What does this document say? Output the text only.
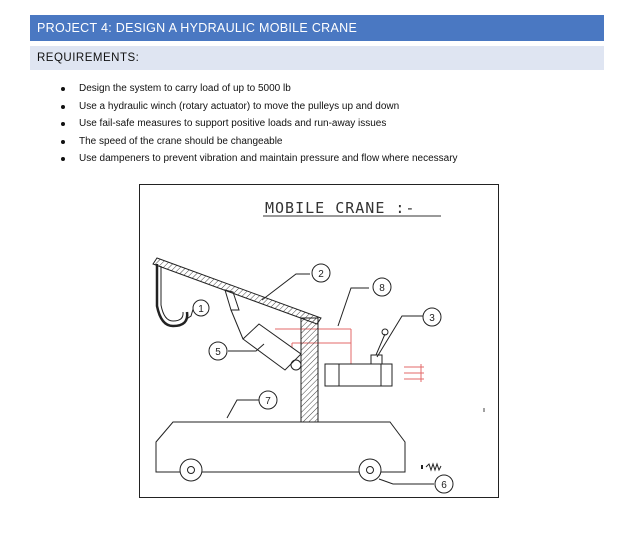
PROJECT 4: DESIGN A HYDRAULIC MOBILE CRANE
REQUIREMENTS:
Design the system to carry load of up to 5000 lb
Use a hydraulic winch (rotary actuator) to move the pulleys up and down
Use fail-safe measures to support positive loads and run-away issues
The speed of the crane should be changeable
Use dampeners to prevent vibration and maintain pressure and flow where necessary
MOBILE CRANE :-
1
2
8
3
5
7
6
